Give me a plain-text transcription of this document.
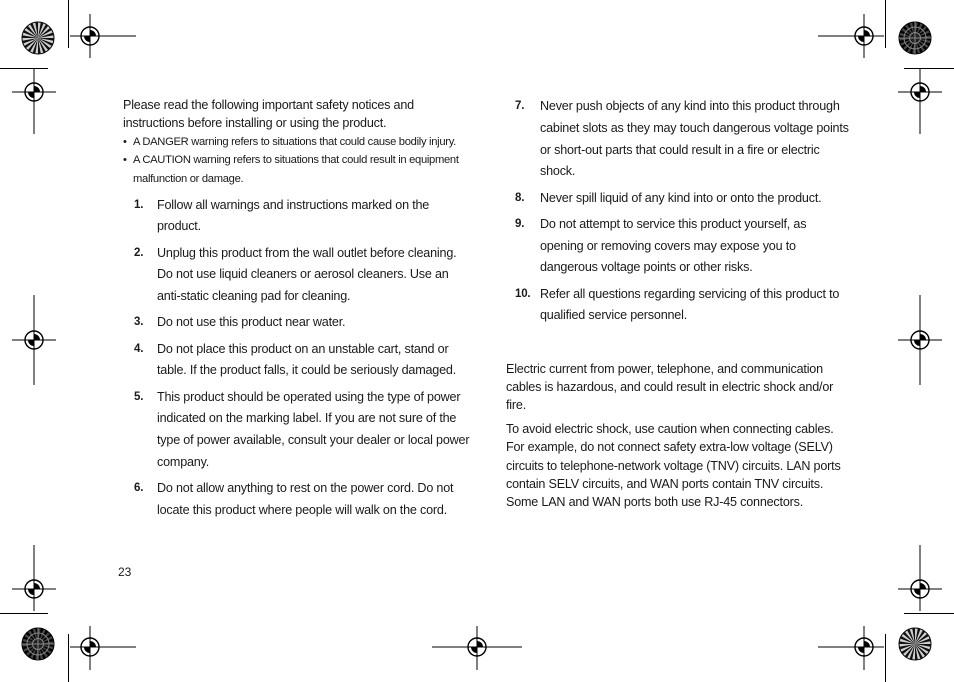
Please read the following important safety notices and instructions before installing or using the product.

• A DANGER warning refers to situations that could cause bodily injury.
• A CAUTION warning refers to situations that could result in equipment malfunction or damage.
1. Follow all warnings and instructions marked on the product.
2. Unplug this product from the wall outlet before cleaning. Do not use liquid cleaners or aerosol cleaners. Use an anti-static cleaning pad for cleaning.
3. Do not use this product near water.
4. Do not place this product on an unstable cart, stand or table. If the product falls, it could be seriously damaged.
5. This product should be operated using the type of power indicated on the marking label. If you are not sure of the type of power available, consult your dealer or local power company.
6. Do not allow anything to rest on the power cord. Do not locate this product where people will walk on the cord.
7. Never push objects of any kind into this product through cabinet slots as they may touch dangerous voltage points or short-out parts that could result in a fire or electric shock.
8. Never spill liquid of any kind into or onto the product.
9. Do not attempt to service this product yourself, as opening or removing covers may expose you to dangerous voltage points or other risks.
10. Refer all questions regarding servicing of this product to qualified service personnel.

Electric current from power, telephone, and communication cables is hazardous, and could result in electric shock and/or fire.

To avoid electric shock, use caution when connecting cables. For example, do not connect safety extra-low voltage (SELV) circuits to telephone-network voltage (TNV) circuits. LAN ports contain SELV circuits, and WAN ports contain TNV circuits. Some LAN and WAN ports both use RJ-45 connectors.

23
